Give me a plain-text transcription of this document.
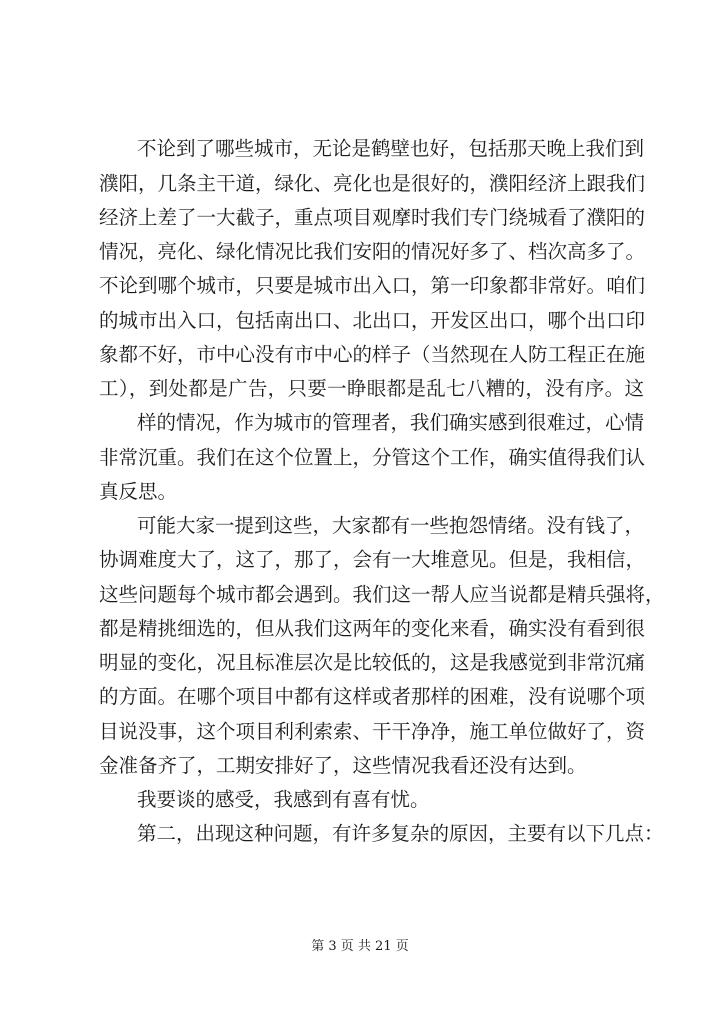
不论到了哪些城市，无论是鹤壁也好，包括那天晚上我们到
濮阳，几条主干道，绿化、亮化也是很好的，濮阳经济上跟我们
经济上差了一大截子，重点项目观摩时我们专门绕城看了濮阳的
情况，亮化、绿化情况比我们安阳的情况好多了、档次高多了。
不论到哪个城市，只要是城市出入口，第一印象都非常好。咱们
的城市出入口，包括南出口、北出口，开发区出口，哪个出口印
象都不好，市中心没有市中心的样子（当然现在人防工程正在施
工），到处都是广告，只要一睁眼都是乱七八糟的，没有序。这
样的情况，作为城市的管理者，我们确实感到很难过，心情
非常沉重。我们在这个位置上，分管这个工作，确实值得我们认
真反思。
可能大家一提到这些，大家都有一些抱怨情绪。没有钱了，
协调难度大了，这了，那了，会有一大堆意见。但是，我相信，
这些问题每个城市都会遇到。我们这一帮人应当说都是精兵强将，
都是精挑细选的，但从我们这两年的变化来看，确实没有看到很
明显的变化，况且标准层次是比较低的，这是我感觉到非常沉痛
的方面。在哪个项目中都有这样或者那样的困难，没有说哪个项
目说没事，这个项目利利索索、干干净净，施工单位做好了，资
金准备齐了，工期安排好了，这些情况我看还没有达到。
我要谈的感受，我感到有喜有忧。
第二，出现这种问题，有许多复杂的原因，主要有以下几点：
第 3 页 共 21 页
